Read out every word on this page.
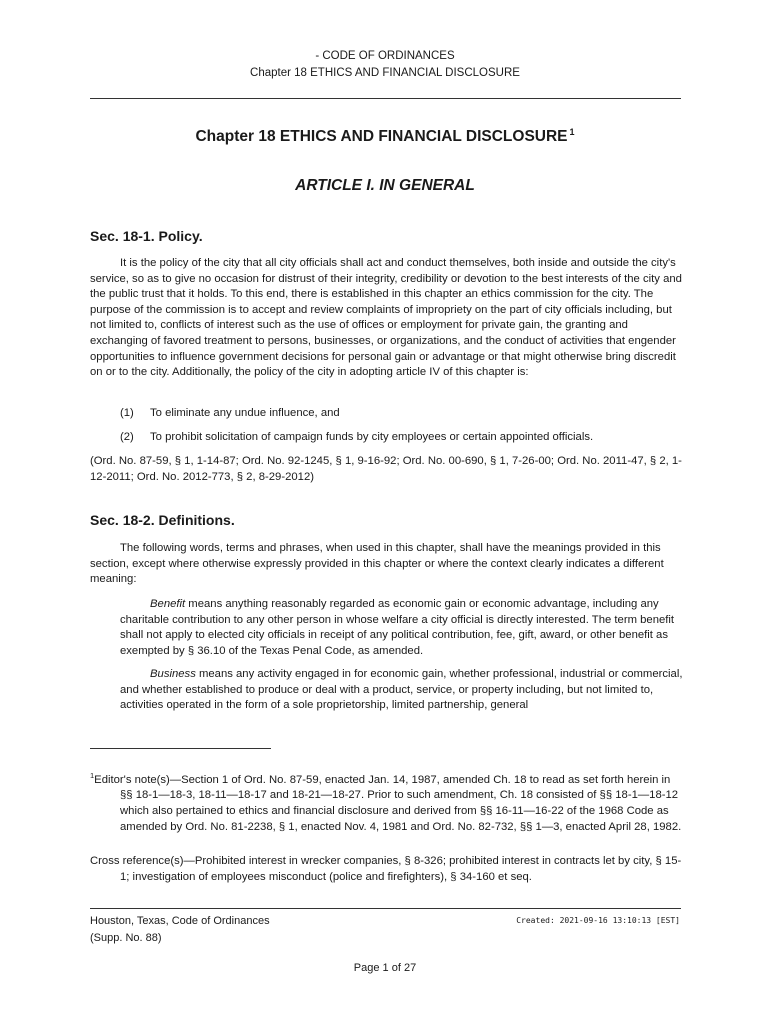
- CODE OF ORDINANCES
Chapter 18 ETHICS AND FINANCIAL DISCLOSURE
Chapter 18 ETHICS AND FINANCIAL DISCLOSURE $^1$
ARTICLE I. IN GENERAL
Sec. 18-1. Policy.
It is the policy of the city that all city officials shall act and conduct themselves, both inside and outside the city's service, so as to give no occasion for distrust of their integrity, credibility or devotion to the best interests of the city and the public trust that it holds. To this end, there is established in this chapter an ethics commission for the city. The purpose of the commission is to accept and review complaints of impropriety on the part of city officials including, but not limited to, conflicts of interest such as the use of offices or employment for private gain, the granting and exchanging of favored treatment to persons, businesses, or organizations, and the conduct of activities that engender opportunities to influence government decisions for personal gain or advantage or that might otherwise bring discredit on or to the city. Additionally, the policy of the city in adopting article IV of this chapter is:
(1) To eliminate any undue influence, and
(2) To prohibit solicitation of campaign funds by city employees or certain appointed officials.
(Ord. No. 87-59, § 1, 1-14-87; Ord. No. 92-1245, § 1, 9-16-92; Ord. No. 00-690, § 1, 7-26-00; Ord. No. 2011-47, § 2, 1-12-2011; Ord. No. 2012-773, § 2, 8-29-2012)
Sec. 18-2. Definitions.
The following words, terms and phrases, when used in this chapter, shall have the meanings provided in this section, except where otherwise expressly provided in this chapter or where the context clearly indicates a different meaning:
Benefit means anything reasonably regarded as economic gain or economic advantage, including any charitable contribution to any other person in whose welfare a city official is directly interested. The term benefit shall not apply to elected city officials in receipt of any political contribution, fee, gift, award, or other benefit as exempted by § 36.10 of the Texas Penal Code, as amended.
Business means any activity engaged in for economic gain, whether professional, industrial or commercial, and whether established to produce or deal with a product, service, or property including, but not limited to, activities operated in the form of a sole proprietorship, limited partnership, general
$^1$Editor's note(s)—Section 1 of Ord. No. 87-59, enacted Jan. 14, 1987, amended Ch. 18 to read as set forth herein in §§ 18-1—18-3, 18-11—18-17 and 18-21—18-27. Prior to such amendment, Ch. 18 consisted of §§ 18-1—18-12 which also pertained to ethics and financial disclosure and derived from §§ 16-11—16-22 of the 1968 Code as amended by Ord. No. 81-2238, § 1, enacted Nov. 4, 1981 and Ord. No. 82-732, §§ 1—3, enacted April 28, 1982.
Cross reference(s)—Prohibited interest in wrecker companies, § 8-326; prohibited interest in contracts let by city, § 15-1; investigation of employees misconduct (police and firefighters), § 34-160 et seq.
Houston, Texas, Code of Ordinances
(Supp. No. 88)
Created: 2021-09-16 13:10:13 [EST]
Page 1 of 27
